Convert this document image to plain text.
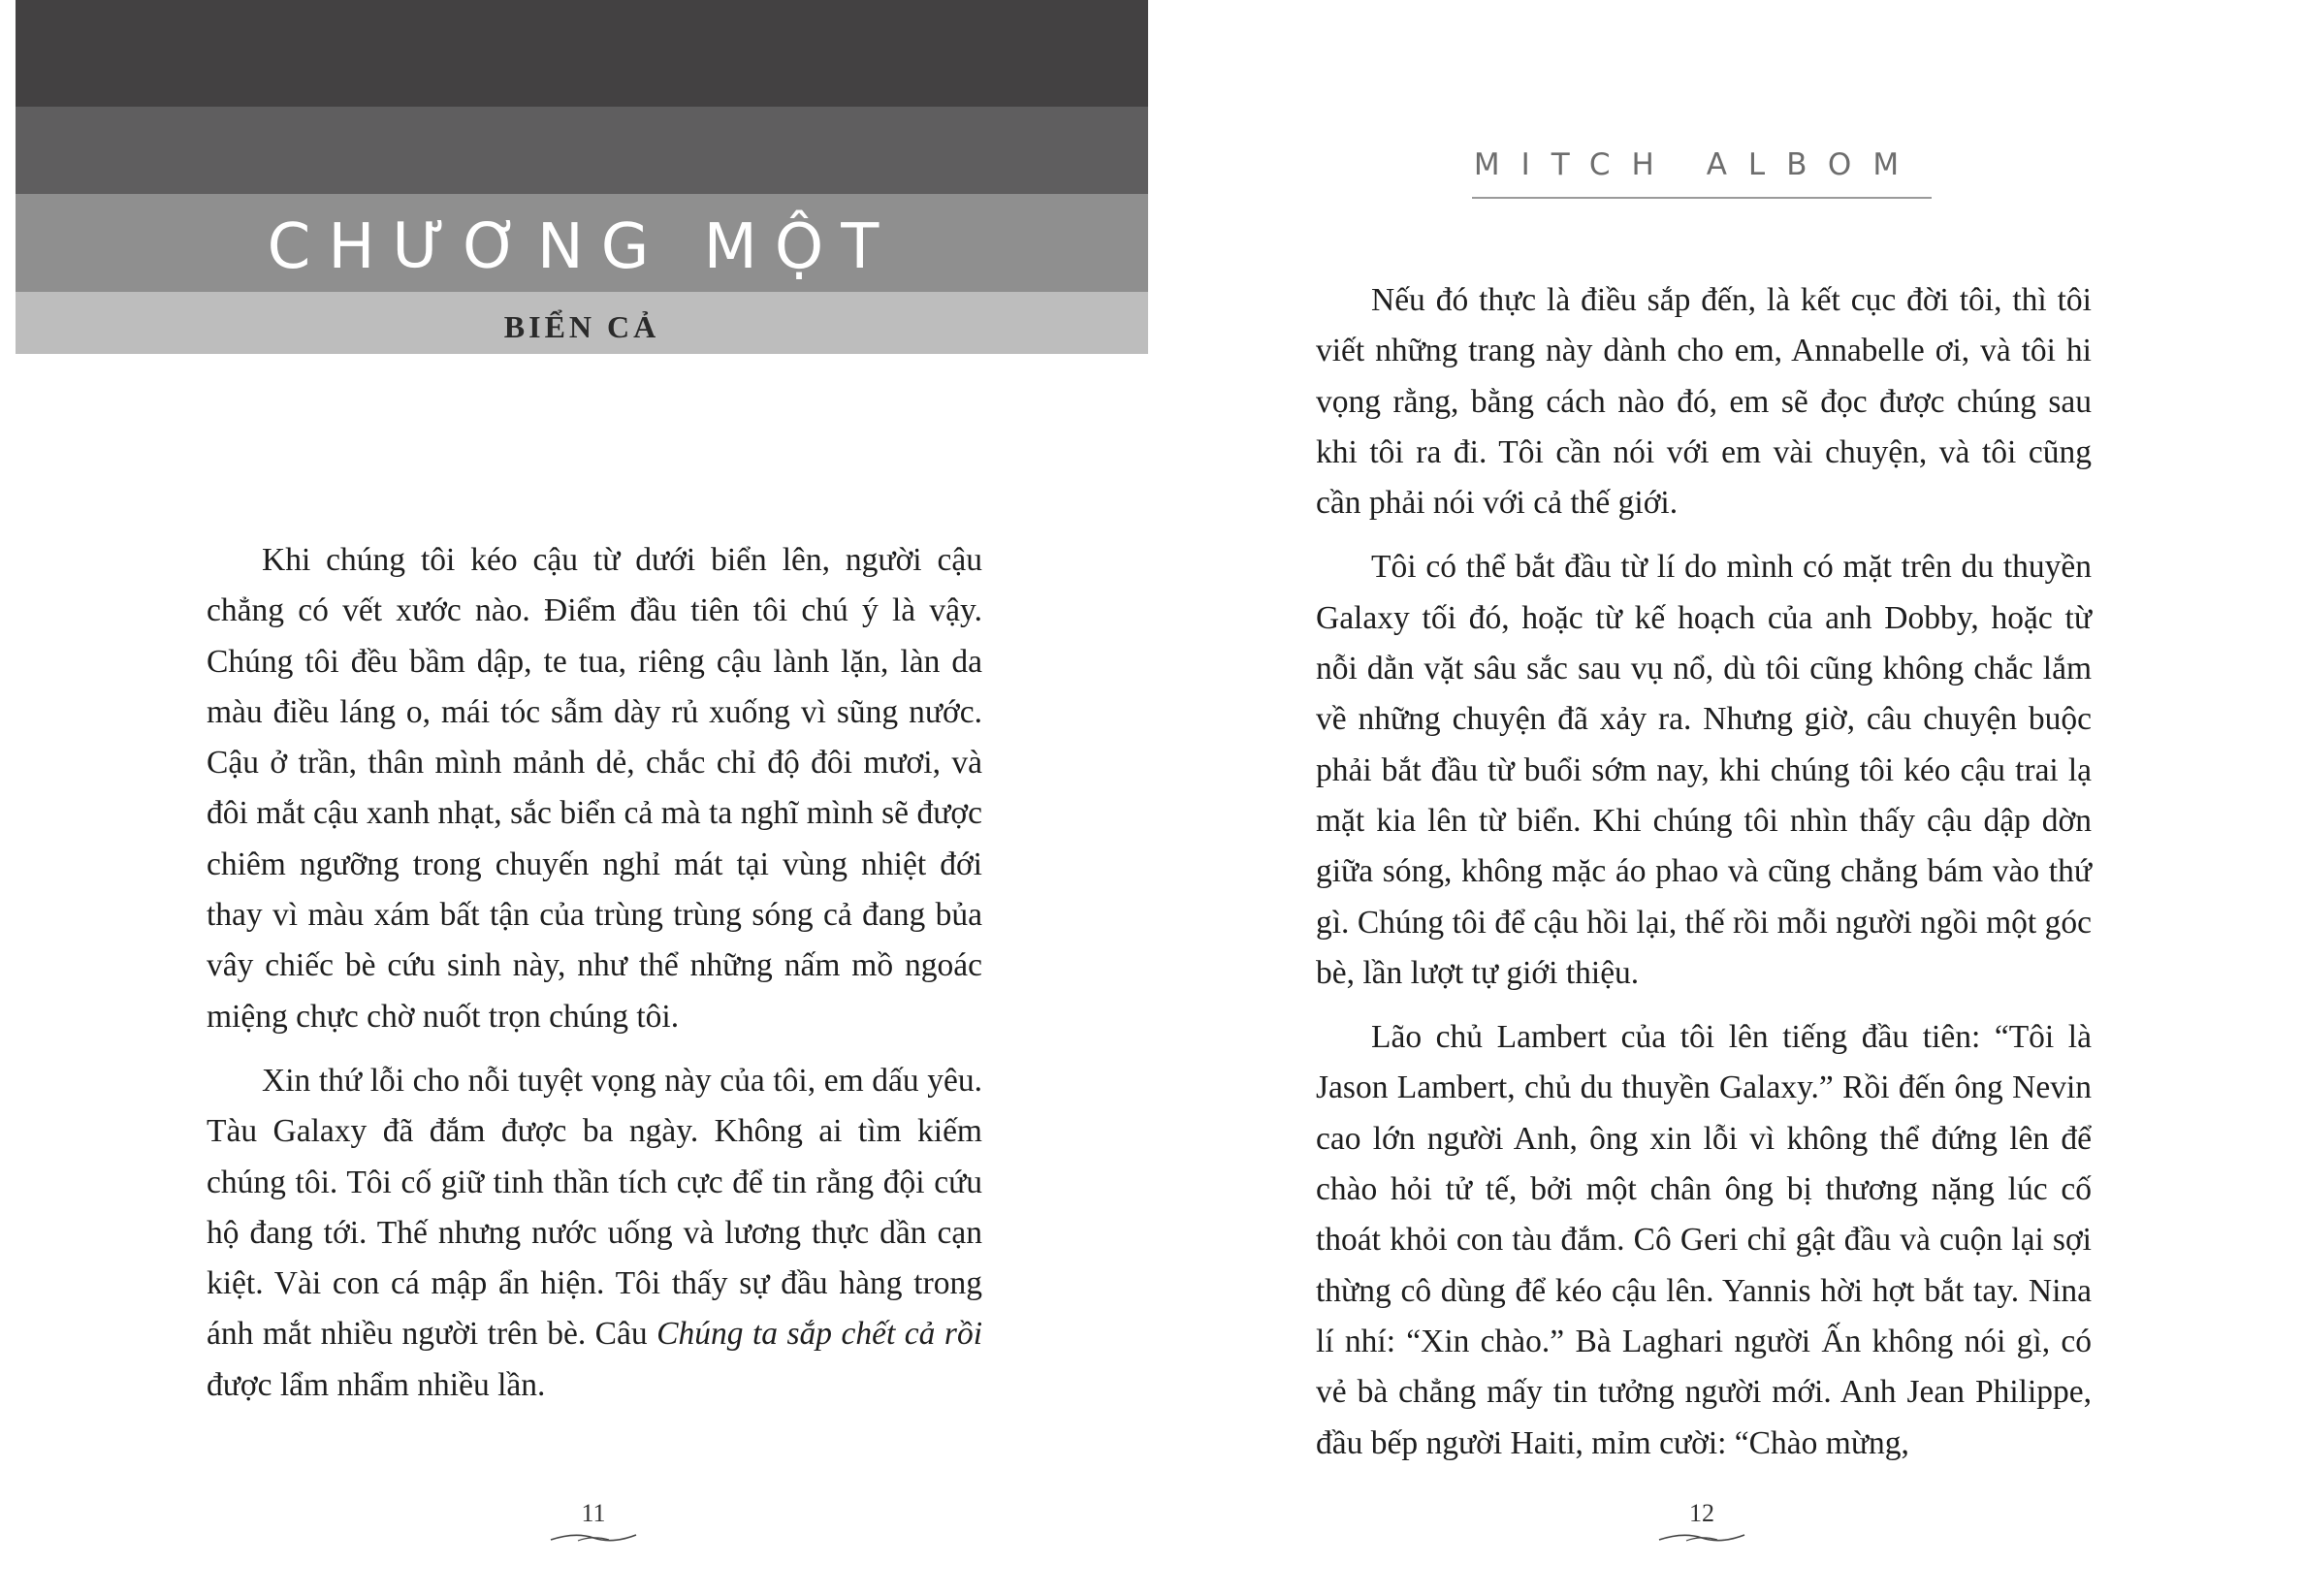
CHƯƠNG MỘT
BIỂN CẢ

Khi chúng tôi kéo cậu từ dưới biển lên, người cậu chẳng có vết xước nào. Điểm đầu tiên tôi chú ý là vậy. Chúng tôi đều bầm dập, te tua, riêng cậu lành lặn, làn da màu điều láng o, mái tóc sẫm dày rủ xuống vì sũng nước. Cậu ở trần, thân mình mảnh dẻ, chắc chỉ độ đôi mươi, và đôi mắt cậu xanh nhạt, sắc biển cả mà ta nghĩ mình sẽ được chiêm ngưỡng trong chuyến nghỉ mát tại vùng nhiệt đới thay vì màu xám bất tận của trùng trùng sóng cả đang bủa vây chiếc bè cứu sinh này, như thể những nấm mồ ngoác miệng chực chờ nuốt trọn chúng tôi.

Xin thứ lỗi cho nỗi tuyệt vọng này của tôi, em dấu yêu. Tàu Galaxy đã đắm được ba ngày. Không ai tìm kiếm chúng tôi. Tôi cố giữ tinh thần tích cực để tin rằng đội cứu hộ đang tới. Thế nhưng nước uống và lương thực dần cạn kiệt. Vài con cá mập ẩn hiện. Tôi thấy sự đầu hàng trong ánh mắt nhiều người trên bè. Câu Chúng ta sắp chết cả rồi được lẩm nhẩm nhiều lần.

11
MITCH ALBOM

Nếu đó thực là điều sắp đến, là kết cục đời tôi, thì tôi viết những trang này dành cho em, Annabelle ơi, và tôi hi vọng rằng, bằng cách nào đó, em sẽ đọc được chúng sau khi tôi ra đi. Tôi cần nói với em vài chuyện, và tôi cũng cần phải nói với cả thế giới.

Tôi có thể bắt đầu từ lí do mình có mặt trên du thuyền Galaxy tối đó, hoặc từ kế hoạch của anh Dobby, hoặc từ nỗi dằn vặt sâu sắc sau vụ nổ, dù tôi cũng không chắc lắm về những chuyện đã xảy ra. Nhưng giờ, câu chuyện buộc phải bắt đầu từ buổi sớm nay, khi chúng tôi kéo cậu trai lạ mặt kia lên từ biển. Khi chúng tôi nhìn thấy cậu dập dờn giữa sóng, không mặc áo phao và cũng chẳng bám vào thứ gì. Chúng tôi để cậu hồi lại, thế rồi mỗi người ngồi một góc bè, lần lượt tự giới thiệu.

Lão chủ Lambert của tôi lên tiếng đầu tiên: “Tôi là Jason Lambert, chủ du thuyền Galaxy.” Rồi đến ông Nevin cao lớn người Anh, ông xin lỗi vì không thể đứng lên để chào hỏi tử tế, bởi một chân ông bị thương nặng lúc cố thoát khỏi con tàu đắm. Cô Geri chỉ gật đầu và cuộn lại sợi thừng cô dùng để kéo cậu lên. Yannis hời hợt bắt tay. Nina lí nhí: “Xin chào.” Bà Laghari người Ấn không nói gì, có vẻ bà chẳng mấy tin tưởng người mới. Anh Jean Philippe, đầu bếp người Haiti, mỉm cười: “Chào mừng,

12
